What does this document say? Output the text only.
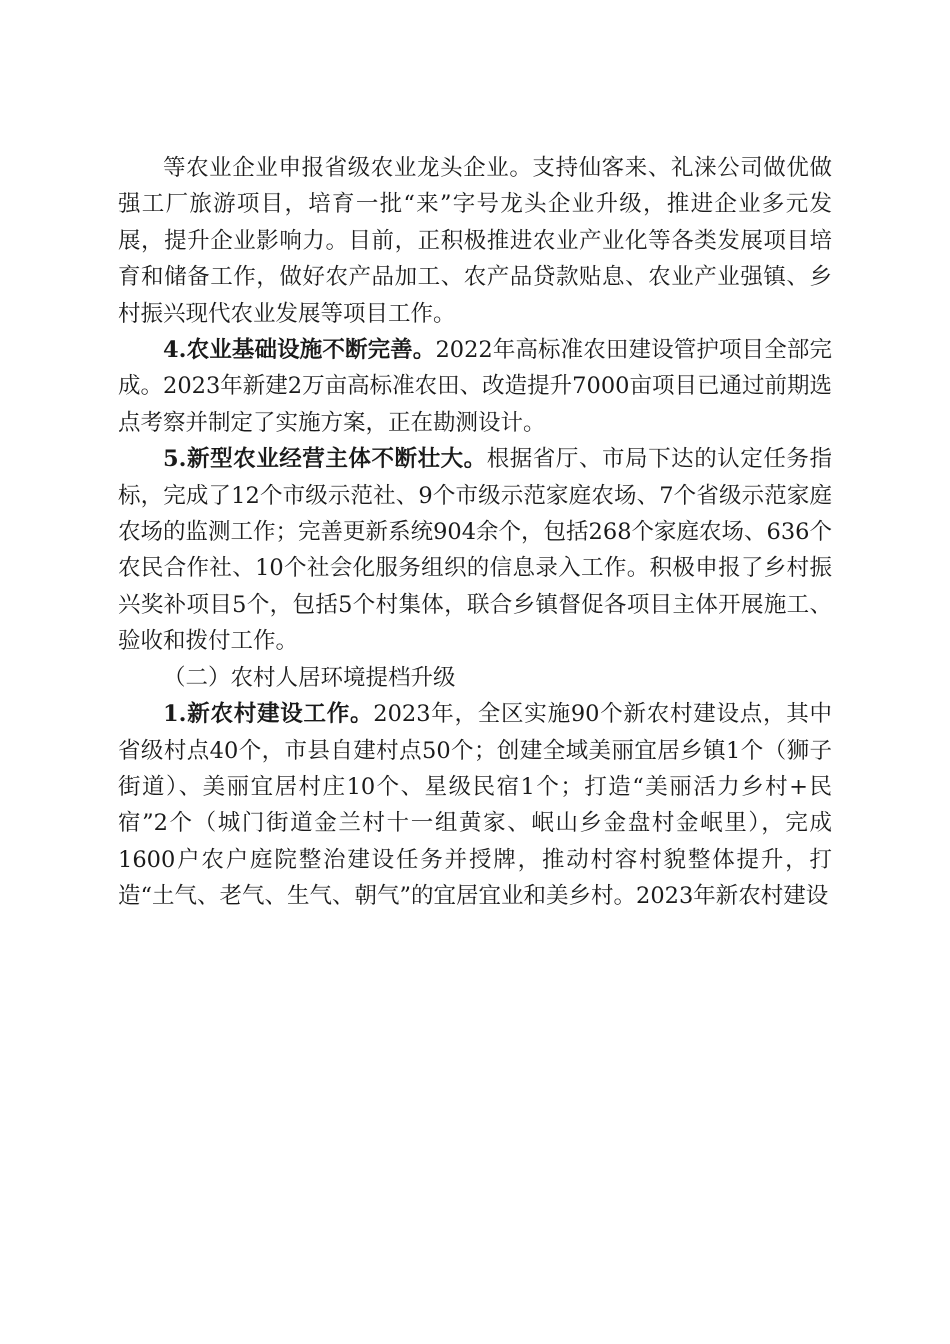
等农业企业申报省级农业龙头企业。支持仙客来、礼涞公司做优做强工厂旅游项目，培育一批“来”字号龙头企业升级，推进企业多元发展，提升企业影响力。目前，正积极推进农业产业化等各类发展项目培育和储备工作，做好农产品加工、农产品贷款贴息、农业产业强镇、乡村振兴现代农业发展等项目工作。

4.农业基础设施不断完善。2022年高标准农田建设管护项目全部完成。2023年新建2万亩高标准农田、改造提升7000亩项目已通过前期选点考察并制定了实施方案，正在勘测设计。

5.新型农业经营主体不断壮大。根据省厅、市局下达的认定任务指标，完成了12个市级示范社、9个市级示范家庭农场、7个省级示范家庭农场的监测工作；完善更新系统904余个，包括268个家庭农场、636个农民合作社、10个社会化服务组织的信息录入工作。积极申报了乡村振兴奖补项目5个，包括5个村集体，联合乡镇督促各项目主体开展施工、验收和拨付工作。

（二）农村人居环境提档升级

1.新农村建设工作。2023年，全区实施90个新农村建设点，其中省级村点40个，市县自建村点50个；创建全域美丽宜居乡镇1个（狮子街道）、美丽宜居村庄10个、星级民宿1个；打造“美丽活力乡村+民宿”2个（城门街道金兰村十一组黄家、岷山乡金盘村金岷里），完成1600户农户庭院整治建设任务并授牌，推动村容村貌整体提升，打造“土气、老气、生气、朝气”的宜居宜业和美乡村。2023年新农村建设
